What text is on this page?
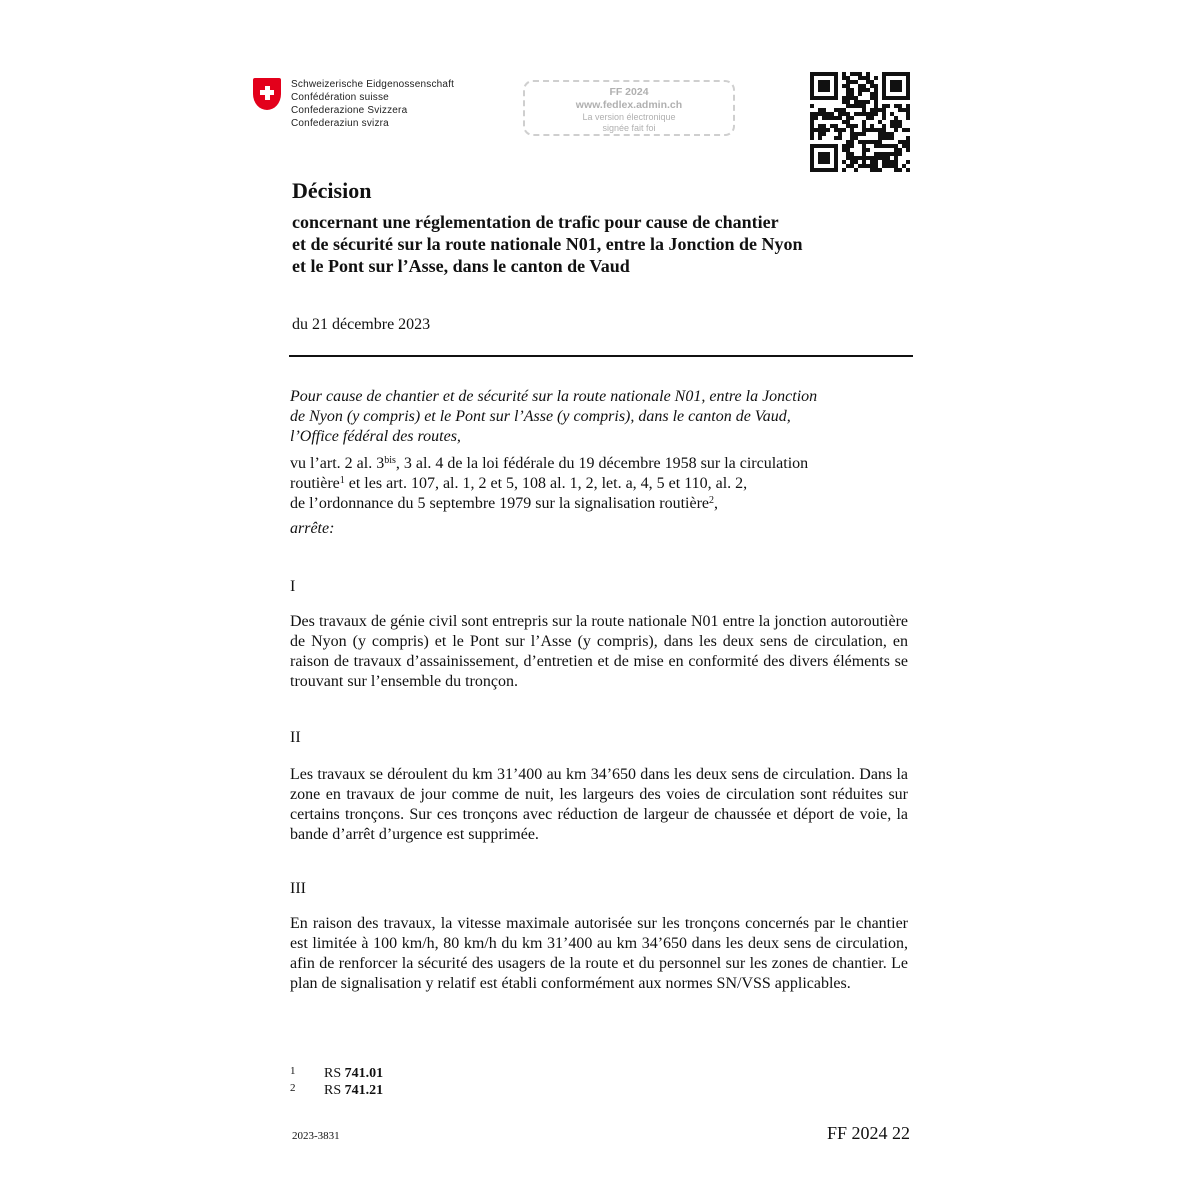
Schweizerische Eidgenossenschaft
Confédération suisse
Confederazione Svizzera
Confederaziun svizra
FF 2024
www.fedlex.admin.ch
La version électronique
signée fait foi
Décision
concernant une réglementation de trafic pour cause de chantier
et de sécurité sur la route nationale N01, entre la Jonction de Nyon
et le Pont sur l’Asse, dans le canton de Vaud
du 21 décembre 2023
Pour cause de chantier et de sécurité sur la route nationale N01, entre la Jonction
de Nyon (y compris) et le Pont sur l’Asse (y compris), dans le canton de Vaud,
l’Office fédéral des routes,
vu l’art. 2 al. $3^{bis}$, 3 al. 4 de la loi fédérale du 19 décembre 1958 sur la circulation
routière$^1$ et les art. 107, al. 1, 2 et 5, 108 al. 1, 2, let. a, 4, 5 et 110, al. 2,
de l’ordonnance du 5 septembre 1979 sur la signalisation routière$^2$,
arrête:
I
Des travaux de génie civil sont entrepris sur la route nationale N01 entre la jonction autoroutière de Nyon (y compris) et le Pont sur l’Asse (y compris), dans les deux sens de circulation, en raison de travaux d’assainissement, d’entretien et de mise en conformité des divers éléments se trouvant sur l’ensemble du tronçon.
II
Les travaux se déroulent du km 31’400 au km 34’650 dans les deux sens de circulation. Dans la zone en travaux de jour comme de nuit, les largeurs des voies de circulation sont réduites sur certains tronçons. Sur ces tronçons avec réduction de largeur de chaussée et déport de voie, la bande d’arrêt d’urgence est supprimée.
III
En raison des travaux, la vitesse maximale autorisée sur les tronçons concernés par le chantier est limitée à 100 km/h, 80 km/h du km 31’400 au km 34’650 dans les deux sens de circulation, afin de renforcer la sécurité des usagers de la route et du personnel sur les zones de chantier. Le plan de signalisation y relatif est établi conformément aux normes SN/VSS applicables.
1 RS 741.01
2 RS 741.21
2023-3831	FF 2024 22
